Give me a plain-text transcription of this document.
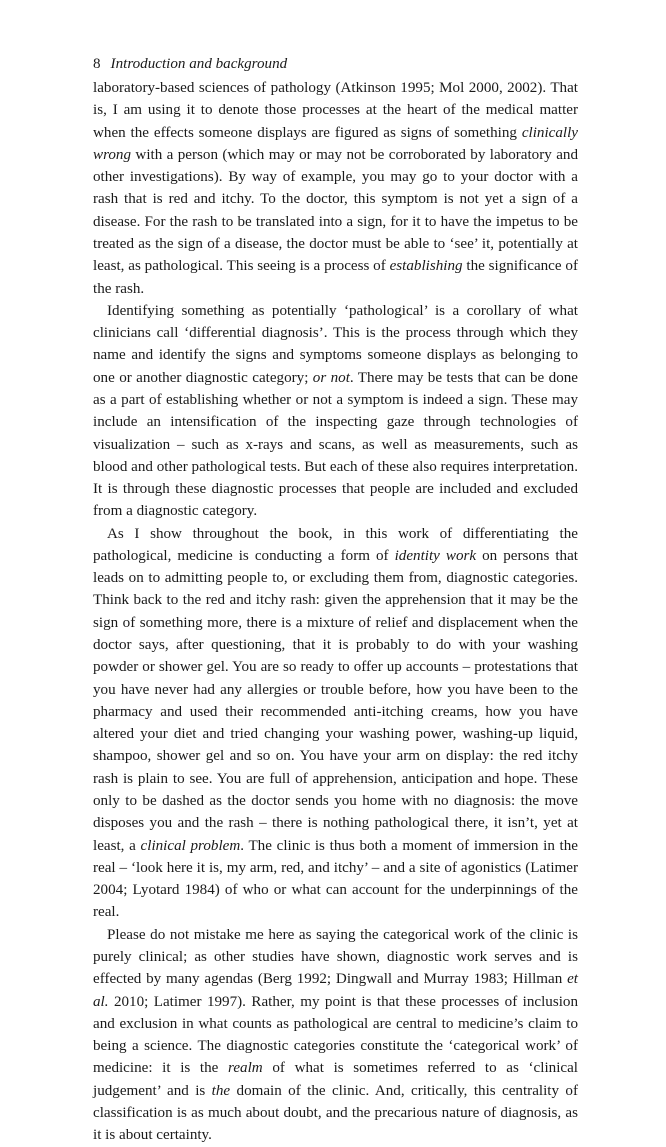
8 Introduction and background

laboratory-based sciences of pathology (Atkinson 1995; Mol 2000, 2002). That is, I am using it to denote those processes at the heart of the medical matter when the effects someone displays are figured as signs of something clinically wrong with a person (which may or may not be corroborated by laboratory and other investigations). By way of example, you may go to your doctor with a rash that is red and itchy. To the doctor, this symptom is not yet a sign of a disease. For the rash to be translated into a sign, for it to have the impetus to be treated as the sign of a disease, the doctor must be able to ‘see’ it, potentially at least, as pathological. This seeing is a process of establishing the significance of the rash.

Identifying something as potentially ‘pathological’ is a corollary of what clinicians call ‘differential diagnosis’. This is the process through which they name and identify the signs and symptoms someone displays as belonging to one or another diagnostic category; or not. There may be tests that can be done as a part of establishing whether or not a symptom is indeed a sign. These may include an intensification of the inspecting gaze through technologies of visualization – such as x-rays and scans, as well as measurements, such as blood and other pathological tests. But each of these also requires interpretation. It is through these diagnostic processes that people are included and excluded from a diagnostic category.

As I show throughout the book, in this work of differentiating the pathological, medicine is conducting a form of identity work on persons that leads on to admitting people to, or excluding them from, diagnostic categories. Think back to the red and itchy rash: given the apprehension that it may be the sign of something more, there is a mixture of relief and displacement when the doctor says, after questioning, that it is probably to do with your washing powder or shower gel. You are so ready to offer up accounts – protestations that you have never had any allergies or trouble before, how you have been to the pharmacy and used their recommended anti-itching creams, how you have altered your diet and tried changing your washing power, washing-up liquid, shampoo, shower gel and so on. You have your arm on display: the red itchy rash is plain to see. You are full of apprehension, anticipation and hope. These only to be dashed as the doctor sends you home with no diagnosis: the move disposes you and the rash – there is nothing pathological there, it isn’t, yet at least, a clinical problem. The clinic is thus both a moment of immersion in the real – ‘look here it is, my arm, red, and itchy’ – and a site of agonistics (Latimer 2004; Lyotard 1984) of who or what can account for the underpinnings of the real.

Please do not mistake me here as saying the categorical work of the clinic is purely clinical; as other studies have shown, diagnostic work serves and is effected by many agendas (Berg 1992; Dingwall and Murray 1983; Hillman et al. 2010; Latimer 1997). Rather, my point is that these processes of inclusion and exclusion in what counts as pathological are central to medicine’s claim to being a science. The diagnostic categories constitute the ‘categorical work’ of medicine: it is the realm of what is sometimes referred to as ‘clinical judgement’ and is the domain of the clinic. And, critically, this centrality of classification is as much about doubt, and the precarious nature of diagnosis, as it is about certainty.
